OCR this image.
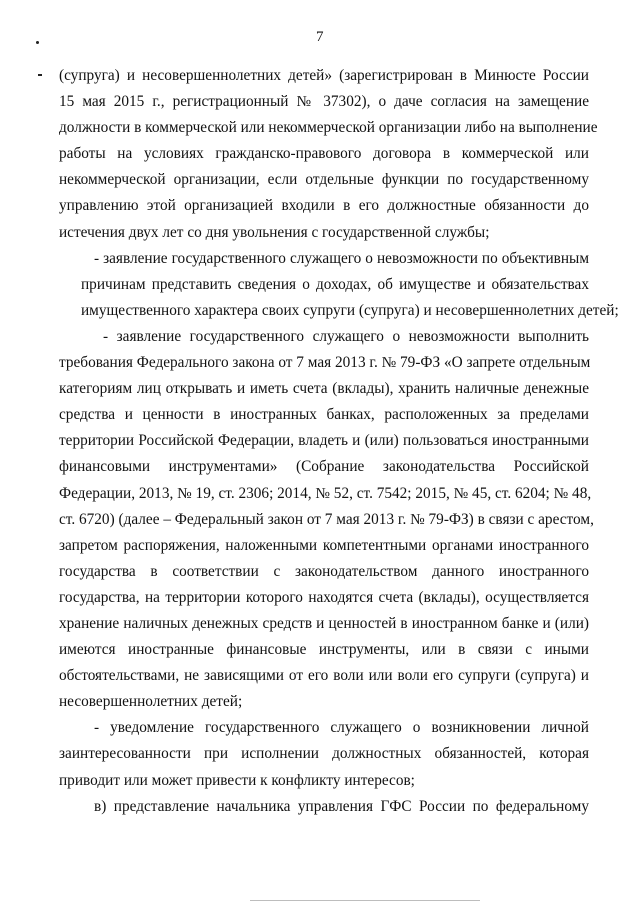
7
(супруга) и несовершеннолетних детей» (зарегистрирован в Минюсте России
15 мая 2015 г., регистрационный № 37302), о даче согласия на замещение
должности в коммерческой или некоммерческой организации либо на выполнение
работы на условиях гражданско-правового договора в коммерческой или
некоммерческой организации, если отдельные функции по государственному
управлению этой организацией входили в его должностные обязанности до
истечения двух лет со дня увольнения с государственной службы;
- заявление государственного служащего о невозможности по объективным
причинам представить сведения о доходах, об имуществе и обязательствах
имущественного характера своих супруги (супруга) и несовершеннолетних детей;
- заявление государственного служащего о невозможности выполнить
требования Федерального закона от 7 мая 2013 г. № 79-ФЗ «О запрете отдельным
категориям лиц открывать и иметь счета (вклады), хранить наличные денежные
средства и ценности в иностранных банках, расположенных за пределами
территории Российской Федерации, владеть и (или) пользоваться иностранными
финансовыми инструментами» (Собрание законодательства Российской
Федерации, 2013, № 19, ст. 2306; 2014, № 52, ст. 7542; 2015, № 45, ст. 6204; № 48,
ст. 6720) (далее – Федеральный закон от 7 мая 2013 г. № 79-ФЗ) в связи с арестом,
запретом распоряжения, наложенными компетентными органами иностранного
государства в соответствии с законодательством данного иностранного
государства, на территории которого находятся счета (вклады), осуществляется
хранение наличных денежных средств и ценностей в иностранном банке и (или)
имеются иностранные финансовые инструменты, или в связи с иными
обстоятельствами, не зависящими от его воли или воли его супруги (супруга) и
несовершеннолетних детей;
- уведомление государственного служащего о возникновении личной
заинтересованности при исполнении должностных обязанностей, которая
приводит или может привести к конфликту интересов;
в) представление начальника управления ГФС России по федеральному
